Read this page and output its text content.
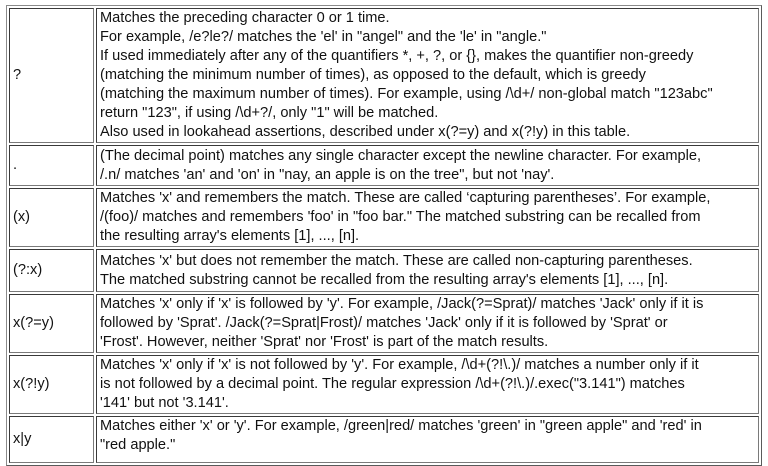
?	
Matches the preceding character 0 or 1 time.
For example, /e?le?/ matches the 'el' in "angel" and the 'le' in "angle."
If used immediately after any of the quantifiers *, +, ?, or {}, makes the quantifier non-greedy
(matching the minimum number of times), as opposed to the default, which is greedy
(matching the maximum number of times). For example, using /\d+/ non-global match "123abc"
return "123", if using /\d+?/, only "1" will be matched.
Also used in lookahead assertions, described under x(?=y) and x(?!y) in this table.

.	(The decimal point) matches any single character except the newline character. For example,
/.n/ matches 'an' and 'on' in "nay, an apple is on the tree", but not 'nay'.

(x)	Matches 'x' and remembers the match. These are called ‘capturing parentheses’. For example,
/(foo)/ matches and remembers 'foo' in "foo bar." The matched substring can be recalled from
the resulting array's elements [1], ..., [n].

(?:x)	Matches 'x' but does not remember the match. These are called non-capturing parentheses.
The matched substring cannot be recalled from the resulting array's elements [1], ..., [n].

x(?=y)	Matches 'x' only if 'x' is followed by 'y'. For example, /Jack(?=Sprat)/ matches 'Jack' only if it is
followed by 'Sprat'. /Jack(?=Sprat|Frost)/ matches 'Jack' only if it is followed by 'Sprat' or
'Frost'. However, neither 'Sprat' nor 'Frost' is part of the match results.

x(?!y)	Matches 'x' only if 'x' is not followed by 'y'. For example, /\d+(?!\.)/ matches a number only if it
is not followed by a decimal point. The regular expression /\d+(?!\.)/.exec("3.141") matches
'141' but not '3.141'.

x|y	Matches either 'x' or 'y'. For example, /green|red/ matches 'green' in "green apple" and 'red' in
"red apple."
